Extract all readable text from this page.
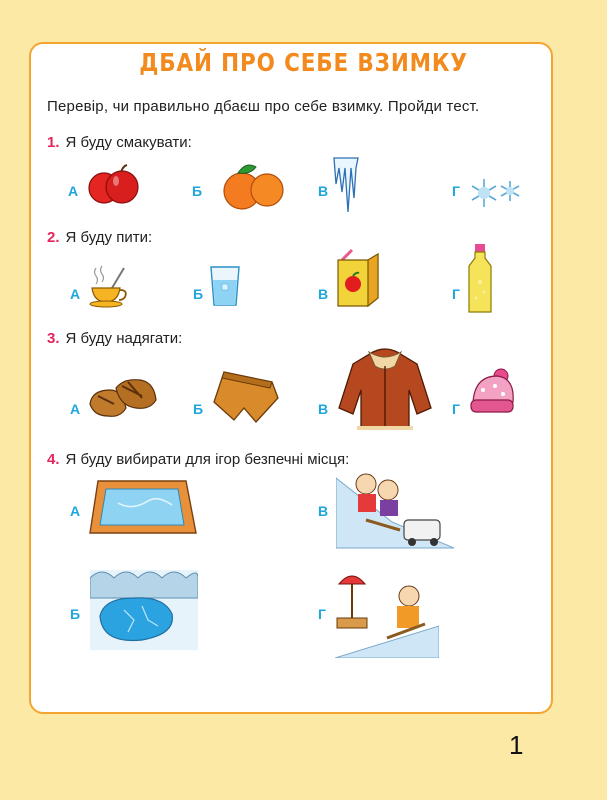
ДБАЙ ПРО СЕБЕ ВЗИМКУ
Перевір, чи правильно дбаєш про себе взимку. Пройди тест.
1. Я буду смакувати:
А	Б	В	Г
2. Я буду пити:
А	Б	В	Г
3. Я буду надягати:
А	Б	В	Г
4. Я буду вибирати для ігор безпечні місця:
А	В
Б	Г
1
